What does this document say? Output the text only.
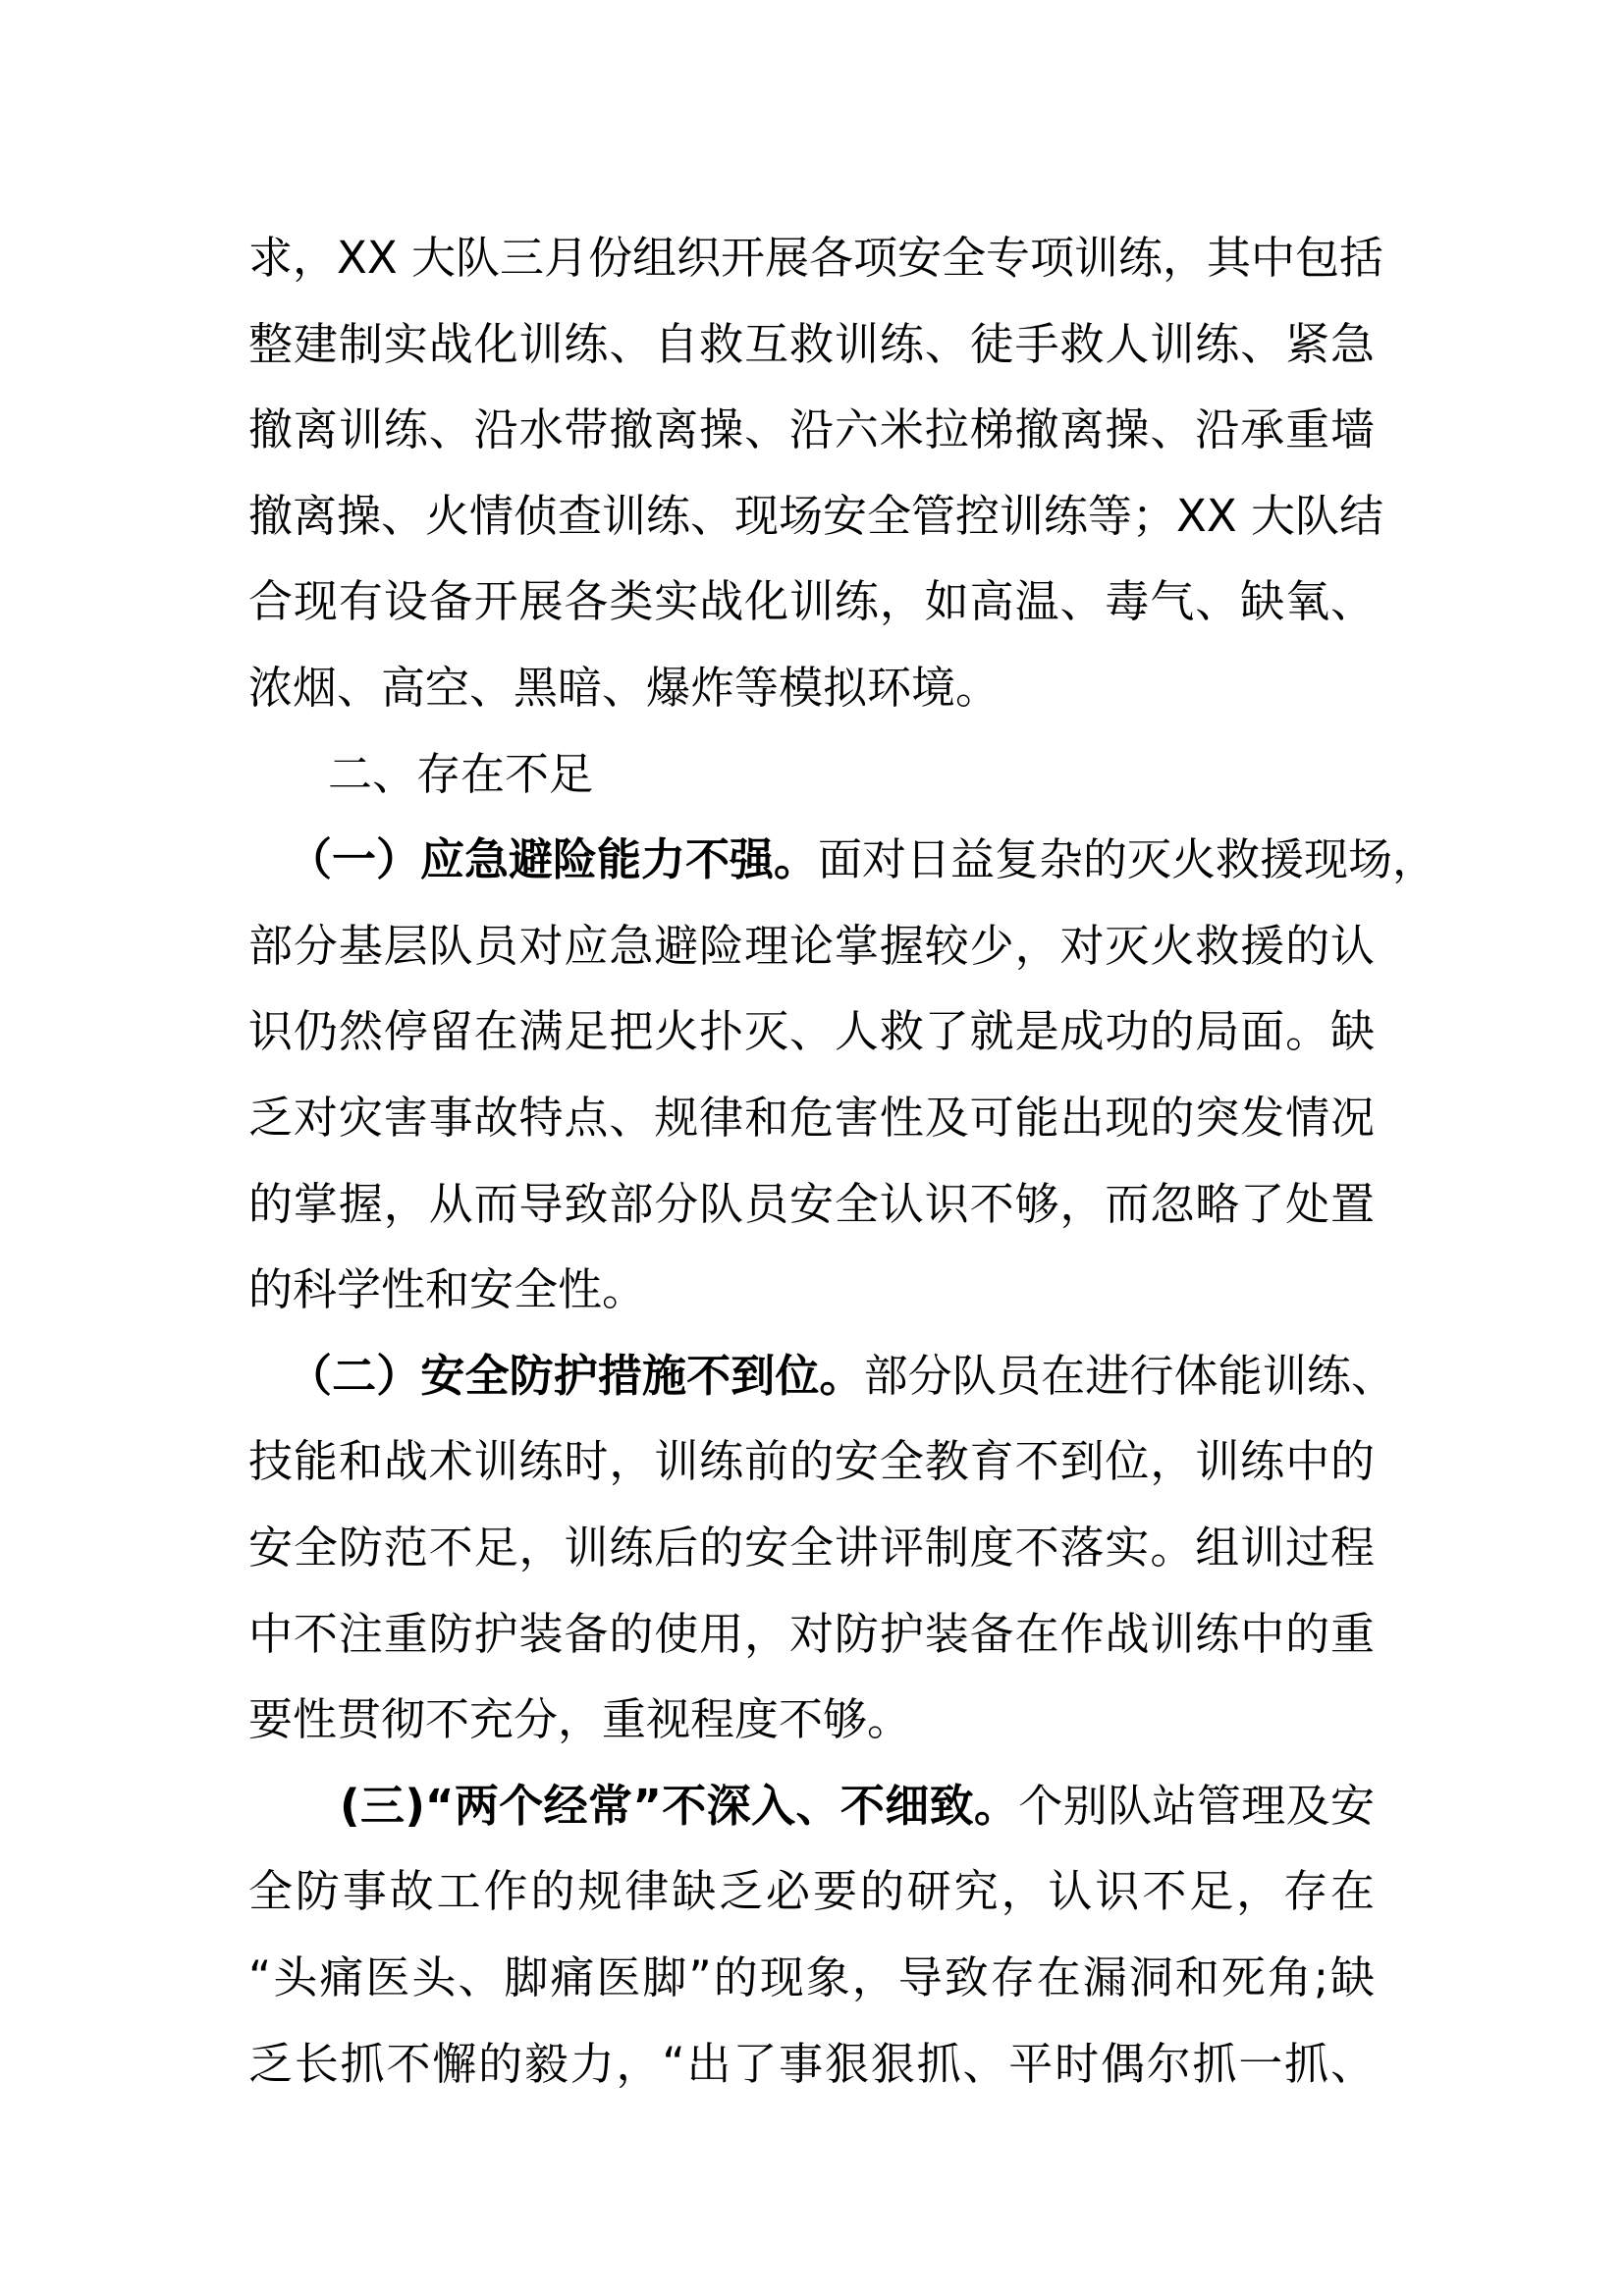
求，XX 大队三月份组织开展各项安全专项训练，其中包括
整建制实战化训练、自救互救训练、徒手救人训练、紧急
撤离训练、沿水带撤离操、沿六米拉梯撤离操、沿承重墙
撤离操、火情侦查训练、现场安全管控训练等；XX 大队结
合现有设备开展各类实战化训练，如高温、毒气、缺氧、
浓烟、高空、黑暗、爆炸等模拟环境。
二、存在不足
（一）应急避险能力不强。面对日益复杂的灭火救援现场，
部分基层队员对应急避险理论掌握较少，对灭火救援的认
识仍然停留在满足把火扑灭、人救了就是成功的局面。缺
乏对灾害事故特点、规律和危害性及可能出现的突发情况
的掌握，从而导致部分队员安全认识不够，而忽略了处置
的科学性和安全性。
（二）安全防护措施不到位。部分队员在进行体能训练、
技能和战术训练时，训练前的安全教育不到位，训练中的
安全防范不足，训练后的安全讲评制度不落实。组训过程
中不注重防护装备的使用，对防护装备在作战训练中的重
要性贯彻不充分，重视程度不够。
(三)“两个经常”不深入、不细致。个别队站管理及安
全防事故工作的规律缺乏必要的研究，认识不足，存在
“头痛医头、脚痛医脚”的现象，导致存在漏洞和死角;缺
乏长抓不懈的毅力，“出了事狠狠抓、平时偶尔抓一抓、
